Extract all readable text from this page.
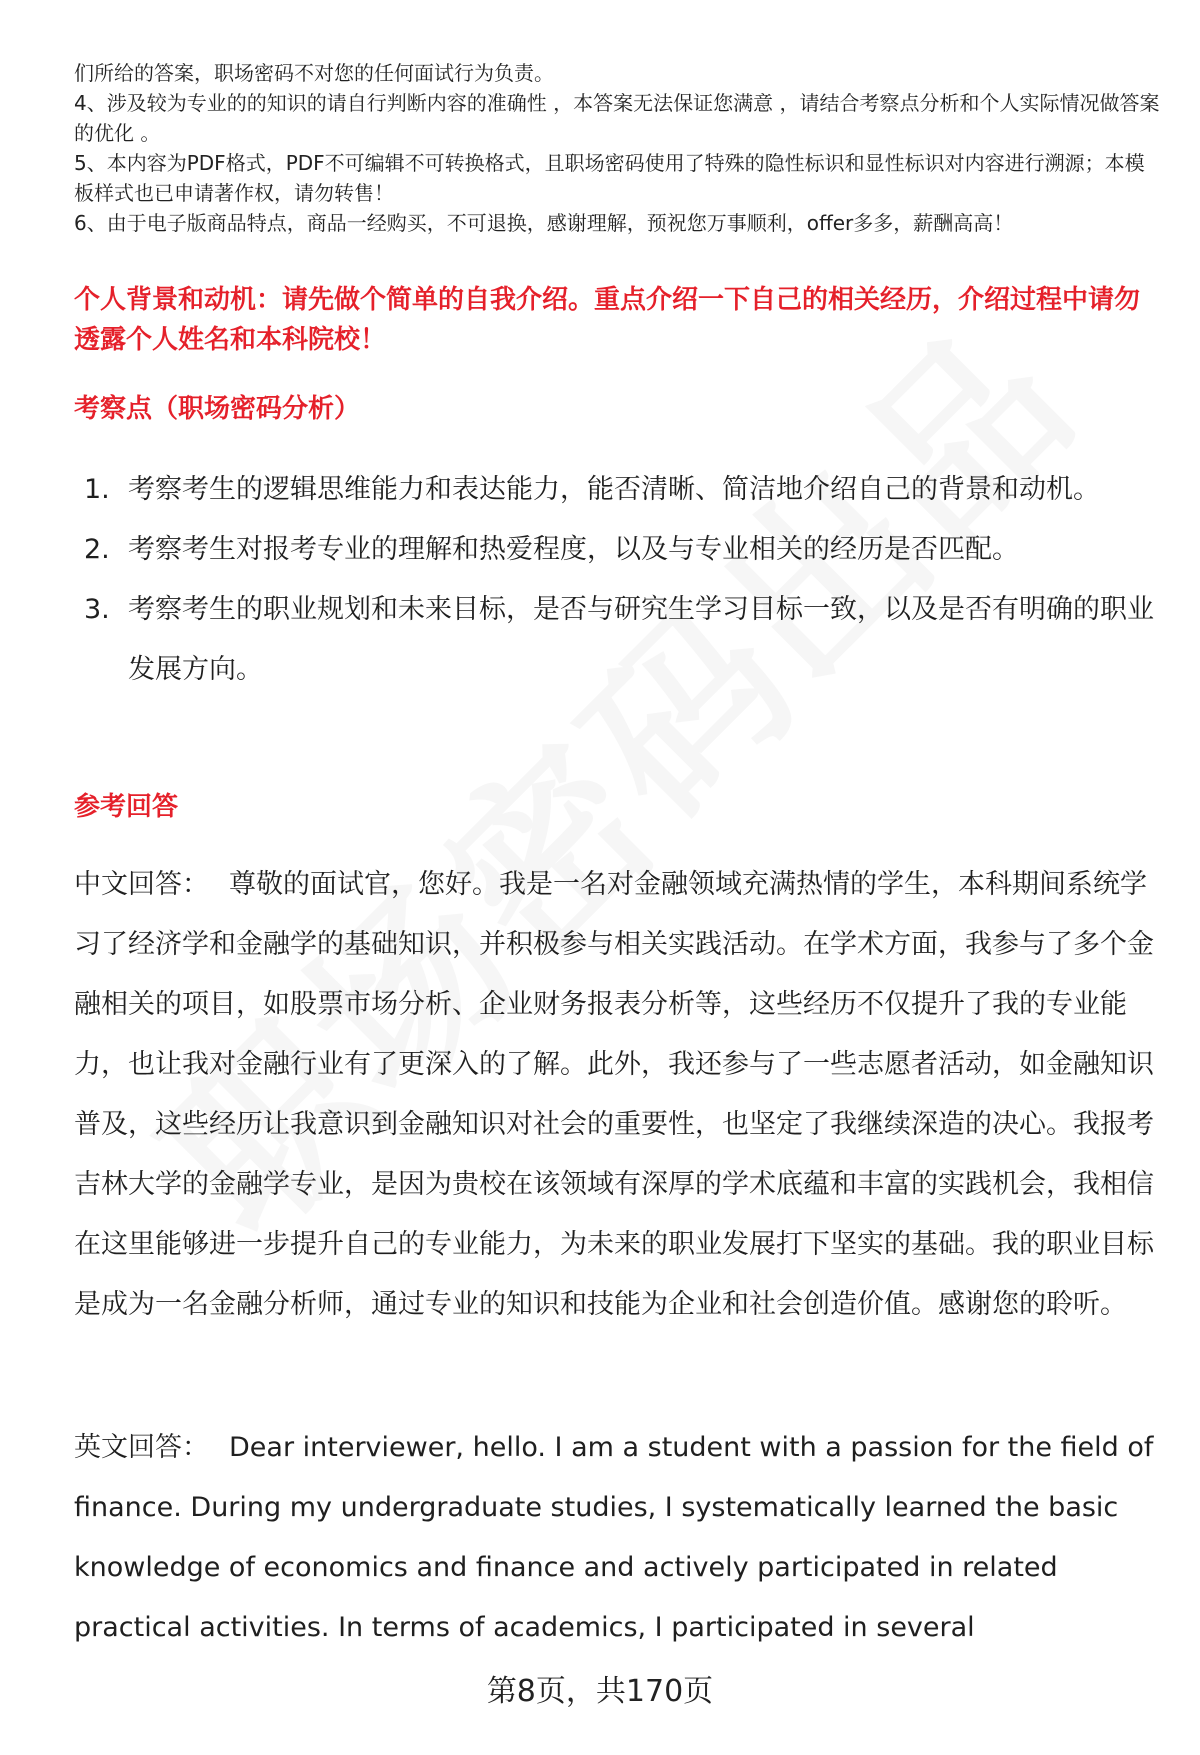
们所给的答案，职场密码不对您的任何面试行为负责。

4、涉及较为专业的的知识的请自行判断内容的准确性 ，本答案无法保证您满意 ，请结合考察点分析和个人实际情况做答案的优化 。

5、本内容为PDF格式，PDF不可编辑不可转换格式，且职场密码使用了特殊的隐性标识和显性标识对内容进行溯源；本模板样式也已申请著作权，请勿转售！

6、由于电子版商品特点，商品一经购买，不可退换，感谢理解，预祝您万事顺利，offer多多，薪酬高高！

个人背景和动机：请先做个简单的自我介绍。重点介绍一下自己的相关经历，介绍过程中请勿透露个人姓名和本科院校！
考察点（职场密码分析）
1. 考察考生的逻辑思维能力和表达能力，能否清晰、简洁地介绍自己的背景和动机。
2. 考察考生对报考专业的理解和热爱程度，以及与专业相关的经历是否匹配。
3. 考察考生的职业规划和未来目标，是否与研究生学习目标一致，以及是否有明确的职业发展方向。
参考回答

中文回答： 尊敬的面试官，您好。我是一名对金融领域充满热情的学生，本科期间系统学习了经济学和金融学的基础知识，并积极参与相关实践活动。在学术方面，我参与了多个金融相关的项目，如股票市场分析、企业财务报表分析等，这些经历不仅提升了我的专业能力，也让我对金融行业有了更深入的了解。此外，我还参与了一些志愿者活动，如金融知识普及，这些经历让我意识到金融知识对社会的重要性，也坚定了我继续深造的决心。我报考吉林大学的金融学专业，是因为贵校在该领域有深厚的学术底蕴和丰富的实践机会，我相信在这里能够进一步提升自己的专业能力，为未来的职业发展打下坚实的基础。我的职业目标是成为一名金融分析师，通过专业的知识和技能为企业和社会创造价值。感谢您的聆听。

英文回答： Dear interviewer, hello. I am a student with a passion for the field of finance. During my undergraduate studies, I systematically learned the basic knowledge of economics and finance and actively participated in related practical activities. In terms of academics, I participated in several

第8页，共170页
